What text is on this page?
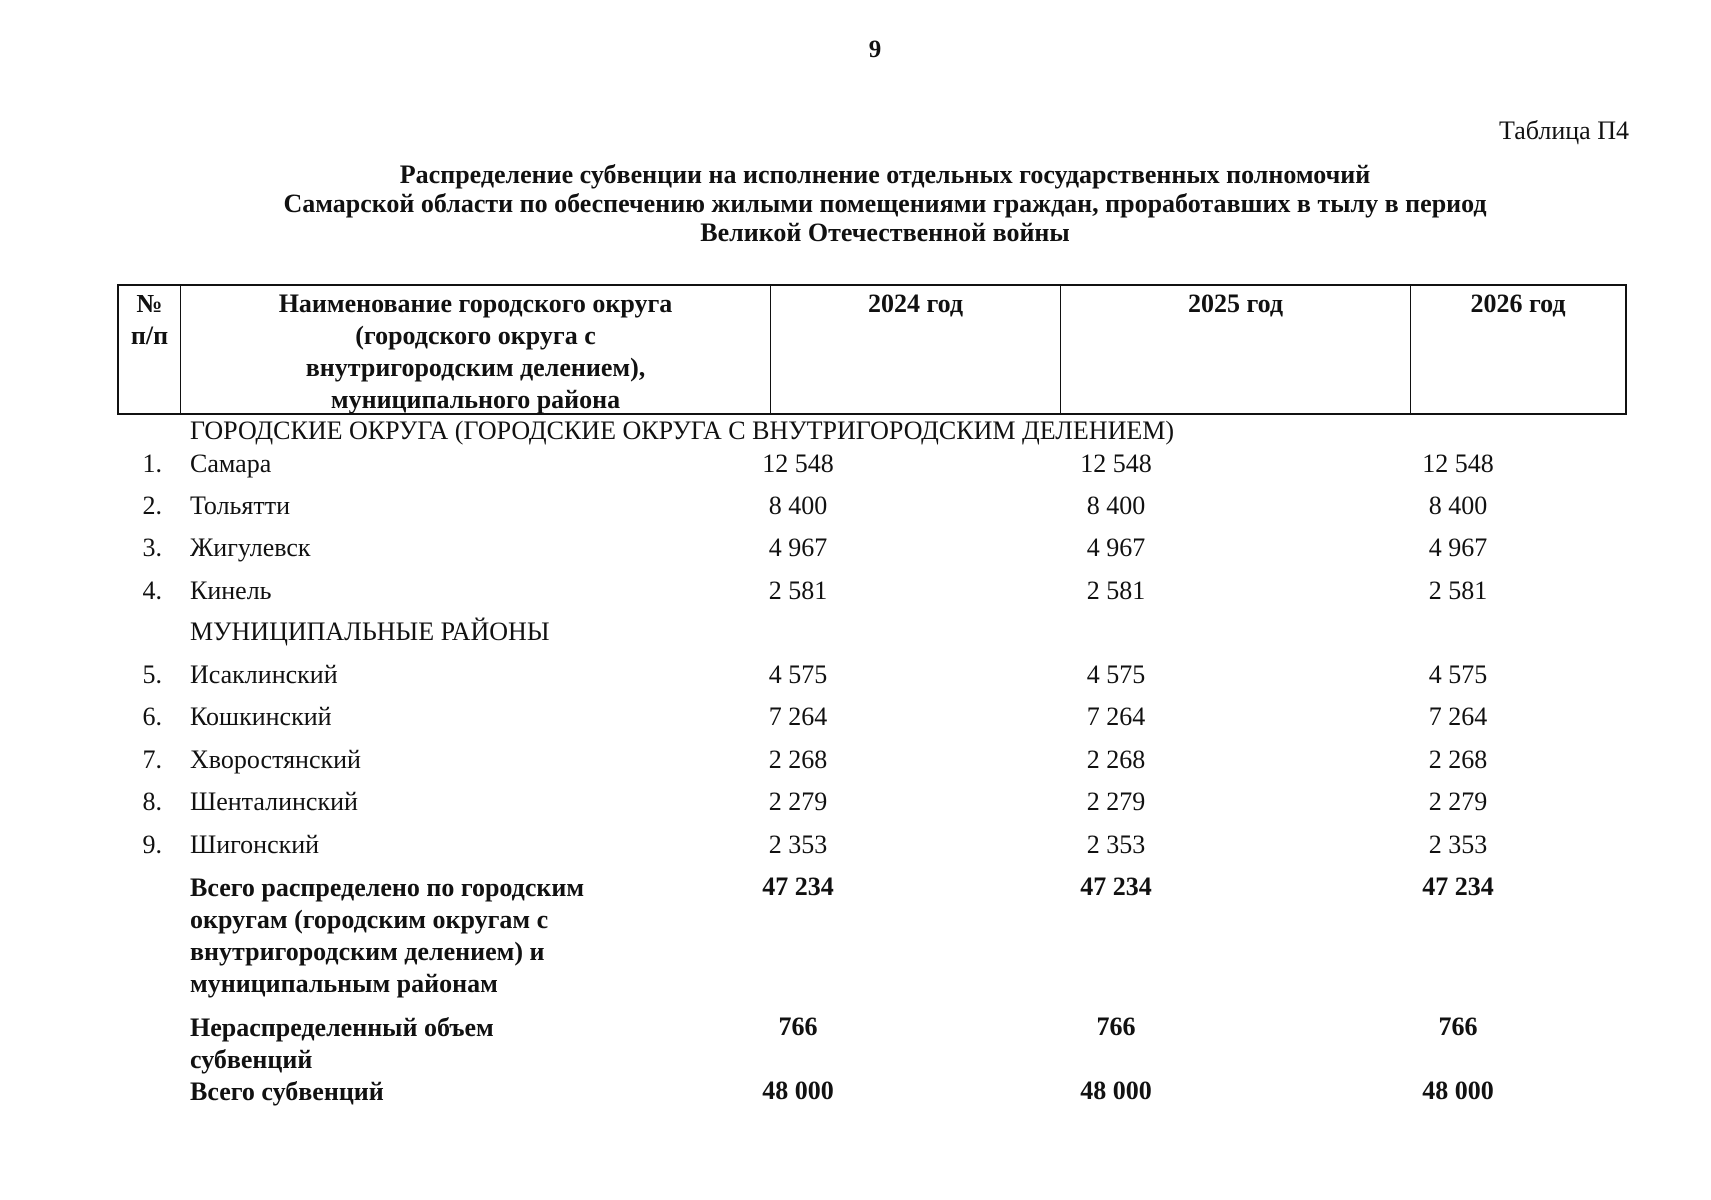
9
Таблица П4
Распределение субвенции на исполнение отдельных государственных полномочий
Самарской области по обеспечению жилыми помещениями граждан, проработавших в тылу в период
Великой Отечественной войны
№
п/п
Наименование городского округа
(городского округа с
внутригородским делением),
муниципального района
2024 год	2025 год	2026 год
ГОРОДСКИЕ ОКРУГА (ГОРОДСКИЕ ОКРУГА С ВНУТРИГОРОДСКИМ ДЕЛЕНИЕМ)
1. Самара	12 548	12 548	12 548
2. Тольятти	8 400	8 400	8 400
3. Жигулевск	4 967	4 967	4 967
4. Кинель	2 581	2 581	2 581
МУНИЦИПАЛЬНЫЕ РАЙОНЫ
5. Исаклинский	4 575	4 575	4 575
6. Кошкинский	7 264	7 264	7 264
7. Хворостянский	2 268	2 268	2 268
8. Шенталинский	2 279	2 279	2 279
9. Шигонский	2 353	2 353	2 353
Всего распределено по городским
округам (городским округам с
внутригородским делением) и
муниципальным районам
47 234	47 234	47 234
Нераспределенный объем
субвенций
766	766	766
Всего субвенций	48 000	48 000	48 000
